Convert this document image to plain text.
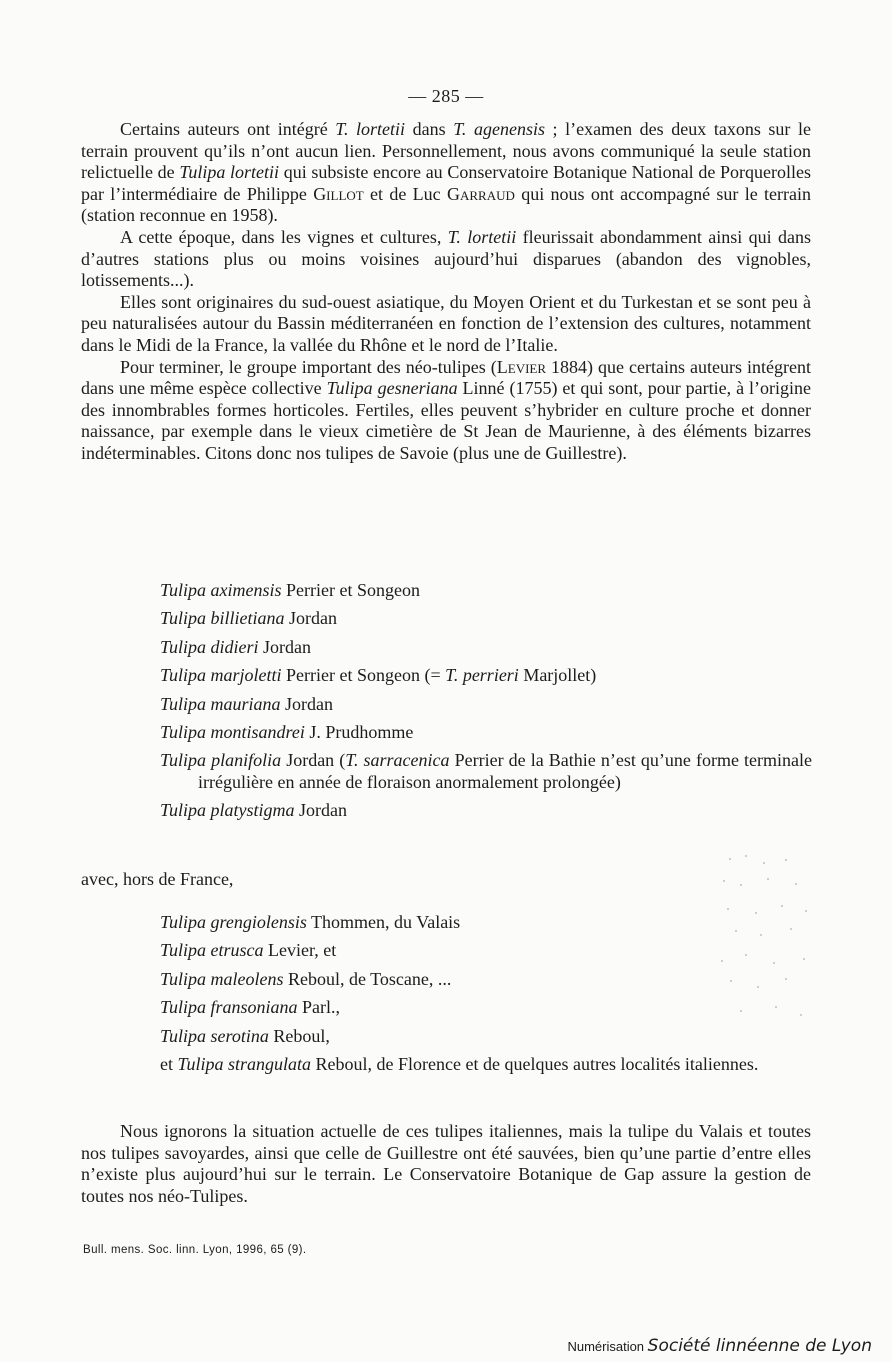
— 285 —

Certains auteurs ont intégré T. lortetii dans T. agenensis ; l’examen des deux taxons sur le terrain prouvent qu’ils n’ont aucun lien. Personnellement, nous avons communiqué la seule station relictuelle de Tulipa lortetii qui subsiste encore au Conservatoire Botanique National de Porquerolles par l’intermédiaire de Philippe Gillot et de Luc Garraud qui nous ont accompagné sur le terrain (station reconnue en 1958).

A cette époque, dans les vignes et cultures, T. lortetii fleurissait abondamment ainsi qui dans d’autres stations plus ou moins voisines aujourd’hui disparues (abandon des vignobles, lotissements...).

Elles sont originaires du sud-ouest asiatique, du Moyen Orient et du Turkestan et se sont peu à peu naturalisées autour du Bassin méditerranéen en fonction de l’extension des cultures, notamment dans le Midi de la France, la vallée du Rhône et le nord de l’Italie.

Pour terminer, le groupe important des néo-tulipes (Levier 1884) que certains auteurs intégrent dans une même espèce collective Tulipa gesneriana Linné (1755) et qui sont, pour partie, à l’origine des innombrables formes horticoles. Fertiles, elles peuvent s’hybrider en culture proche et donner naissance, par exemple dans le vieux cimetière de St Jean de Maurienne, à des éléments bizarres indéterminables. Citons donc nos tulipes de Savoie (plus une de Guillestre).

Tulipa aximensis Perrier et Songeon
Tulipa billietiana Jordan
Tulipa didieri Jordan
Tulipa marjoletti Perrier et Songeon (= T. perrieri Marjollet)
Tulipa mauriana Jordan
Tulipa montisandrei J. Prudhomme
Tulipa planifolia Jordan (T. sarracenica Perrier de la Bathie n’est qu’une forme terminale irrégulière en année de floraison anormalement prolongée)
Tulipa platystigma Jordan
avec, hors de France,
Tulipa grengiolensis Thommen, du Valais
Tulipa etrusca Levier, et
Tulipa maleolens Reboul, de Toscane, ...
Tulipa fransoniana Parl.,
Tulipa serotina Reboul,
et Tulipa strangulata Reboul, de Florence et de quelques autres localités italiennes.

Nous ignorons la situation actuelle de ces tulipes italiennes, mais la tulipe du Valais et toutes nos tulipes savoyardes, ainsi que celle de Guillestre ont été sauvées, bien qu’une partie d’entre elles n’existe plus aujourd’hui sur le terrain. Le Conservatoire Botanique de Gap assure la gestion de toutes nos néo-Tulipes.

Bull. mens. Soc. linn. Lyon, 1996, 65 (9).
Numérisation Société linnéenne de Lyon
